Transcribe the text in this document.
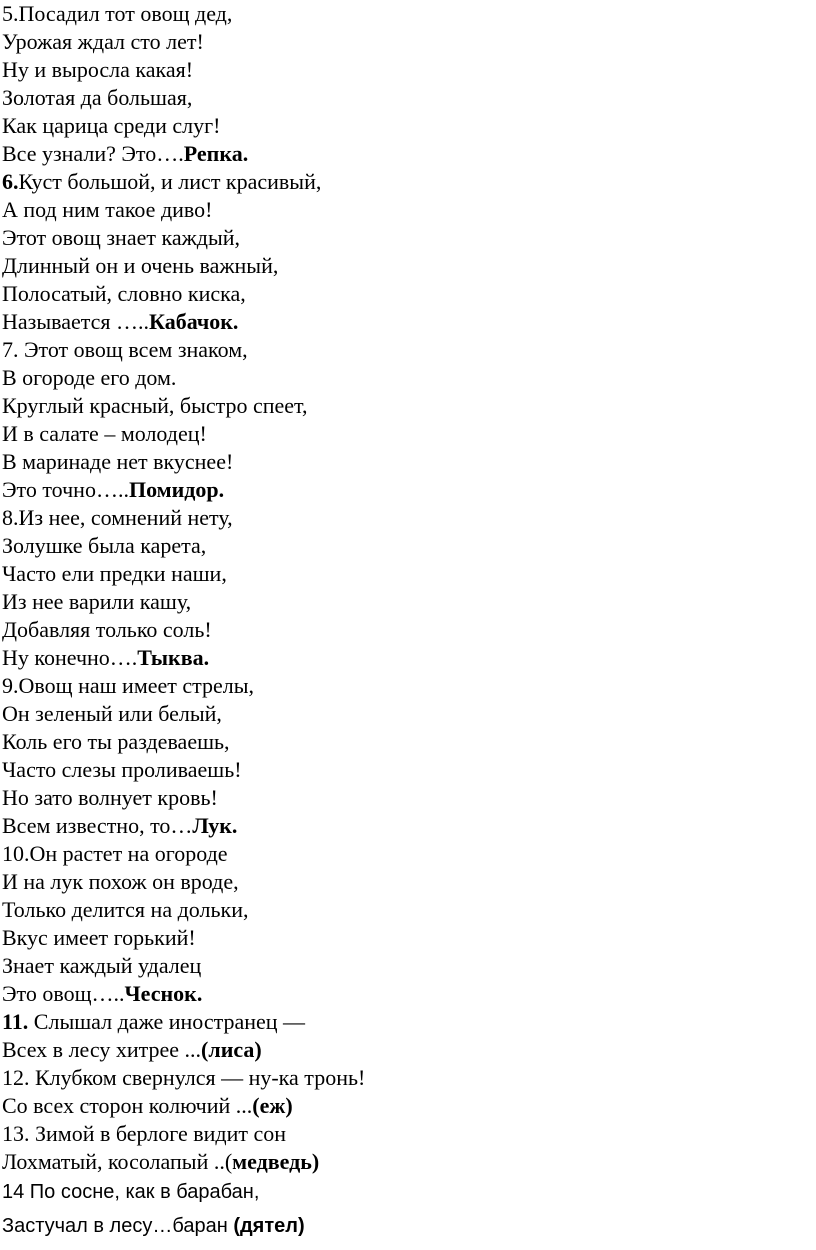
5.Посадил тот овощ дед,
Урожая ждал сто лет!
Ну и выросла какая!
Золотая да большая,
Как царица среди слуг!
Все узнали? Это….Репка.
6.Куст большой, и лист красивый,
А под ним такое диво!
Этот овощ знает каждый,
Длинный он и очень важный,
Полосатый, словно киска,
Называется …..Кабачок.
7. Этот овощ всем знаком,
В огороде его дом.
Круглый красный, быстро спеет,
И в салате – молодец!
В маринаде нет вкуснее!
Это точно…..Помидор.
8.Из нее, сомнений нету,
Золушке была карета,
Часто ели предки наши,
Из нее варили кашу,
Добавляя только соль!
Ну конечно….Тыква.
9.Овощ наш имеет стрелы,
Он зеленый или белый,
Коль его ты раздеваешь,
Часто слезы проливаешь!
Но зато волнует кровь!
Всем известно, то…Лук.
10.Он растет на огороде
И на лук похож он вроде,
Только делится на дольки,
Вкус имеет горький!
Знает каждый удалец
Это овощ…..Чеснок.
11. Слышал даже иностранец —
Всех в лесу хитрее ...(лиса)
12. Клубком свернулся — ну-ка тронь!
Со всех сторон колючий ...(еж)
13. Зимой в берлоге видит сон
Лохматый, косолапый ..(медведь)
14 По сосне, как в барабан,
Застучал в лесу…баран (дятел)
